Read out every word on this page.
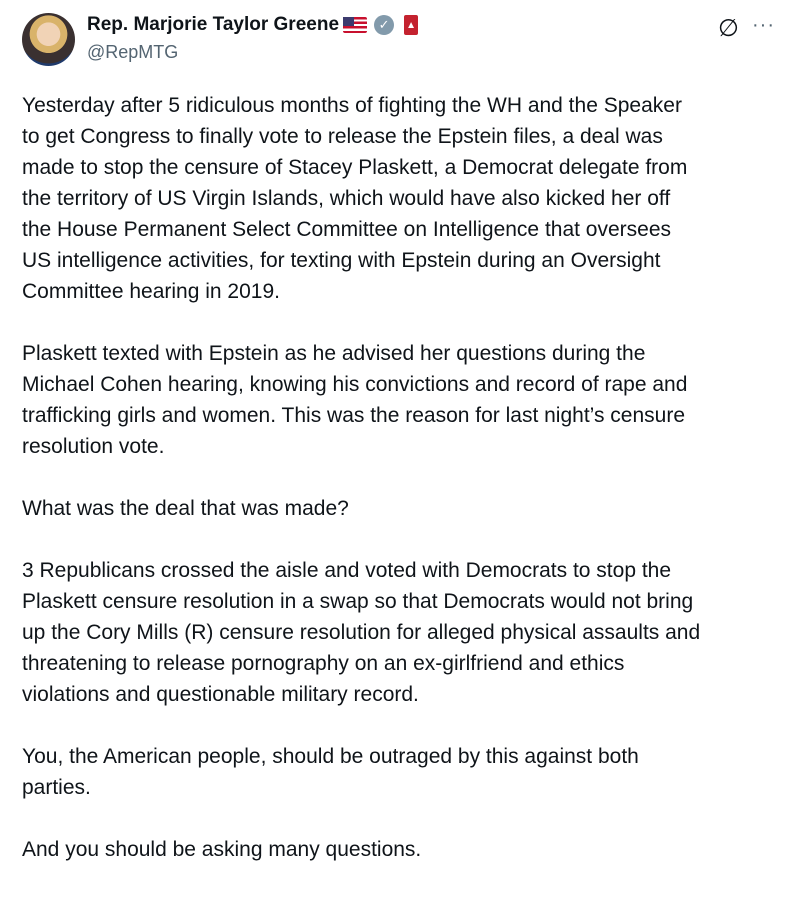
Rep. Marjorie Taylor Greene	✓	▲
@RepMTG
∅ ···
Yesterday after 5 ridiculous months of fighting the WH and the Speaker
to get Congress to finally vote to release the Epstein files, a deal was
made to stop the censure of Stacey Plaskett, a Democrat delegate from
the territory of US Virgin Islands, which would have also kicked her off
the House Permanent Select Committee on Intelligence that oversees
US intelligence activities, for texting with Epstein during an Oversight
Committee hearing in 2019.
Plaskett texted with Epstein as he advised her questions during the
Michael Cohen hearing, knowing his convictions and record of rape and
trafficking girls and women. This was the reason for last night’s censure
resolution vote.
What was the deal that was made?
3 Republicans crossed the aisle and voted with Democrats to stop the
Plaskett censure resolution in a swap so that Democrats would not bring
up the Cory Mills (R) censure resolution for alleged physical assaults and
threatening to release pornography on an ex-girlfriend and ethics
violations and questionable military record.
You, the American people, should be outraged by this against both
parties.
And you should be asking many questions.
